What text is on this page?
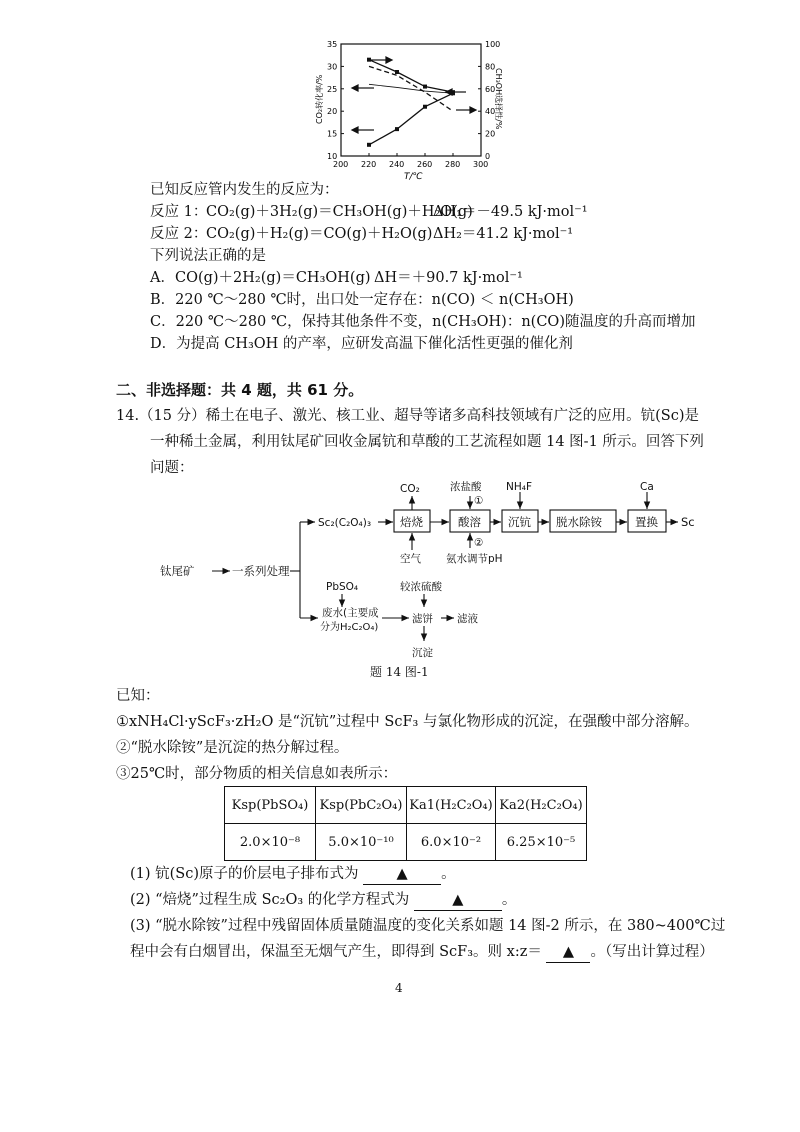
200 220 240 260 280 300
10
15
20
25
30
35
0
20
40
60
80
100
CO₂转化率/%	CH₃OH选择性/%
T/℃
已知反应管内发生的反应为：
反应 1：
CO₂(g)＋3H₂(g)＝CH₃OH(g)＋H₂O(g)
ΔH₁＝－49.5 kJ·mol⁻¹
反应 2：
CO₂(g)＋H₂(g)＝CO(g)＋H₂O(g) ΔH₂＝41.2 kJ·mol⁻¹
下列说法正确的是
A．CO(g)＋2H₂(g)＝CH₃OH(g) ΔH＝＋90.7 kJ·mol⁻¹
B．220 ℃～280 ℃时，出口处一定存在：n(CO) ＜ n(CH₃OH)
C．220 ℃～280 ℃，保持其他条件不变，n(CH₃OH)：n(CO)随温度的升高而增加
D．为提高 CH₃OH 的产率，应研发高温下催化活性更强的催化剂
二、非选择题：共 4 题，共 61 分。
14.（15 分）稀土在电子、激光、核工业、超导等诸多高科技领域有广泛的应用。钪(Sc)是
一种稀土金属，利用钛尾矿回收金属钪和草酸的工艺流程如题 14 图-1 所示。回答下列
问题：
钛尾矿	一系列处理
Sc₂(C₂O₄)₃	焙烧	酸溶 沉钪 脱水除铵	置换 Sc
CO₂	浓盐酸
①
NH₄F	Ca
②
空气 氨水调节pH
PbSO₄	较浓硫酸
废水(主要成
分为H₂C₂O₄)
滤饼 滤液
沉淀
题 14 图-1
已知：
①xNH₄Cl·yScF₃·zH₂O 是“沉钪”过程中 ScF₃ 与氯化物形成的沉淀，在强酸中部分溶解。
②“脱水除铵”是沉淀的热分解过程。
③25℃时，部分物质的相关信息如表所示：
Ksp(PbSO₄)	Ksp(PbC₂O₄)	Ka1(H₂C₂O₄)	Ka2(H₂C₂O₄)
2.0×10⁻⁸	5.0×10⁻¹⁰	6.0×10⁻²	6.25×10⁻⁵
(1) 钪(Sc)原子的价层电子排布式为	▲ 。
(2) “焙烧”过程生成 Sc₂O₃ 的化学方程式为	▲	。
(3) “脱水除铵”过程中残留固体质量随温度的变化关系如题 14 图-2 所示，在 380~400℃过
程中会有白烟冒出，保温至无烟气产生，即得到 ScF₃。则 x:z＝ ▲ 。（写出计算过程）
4
